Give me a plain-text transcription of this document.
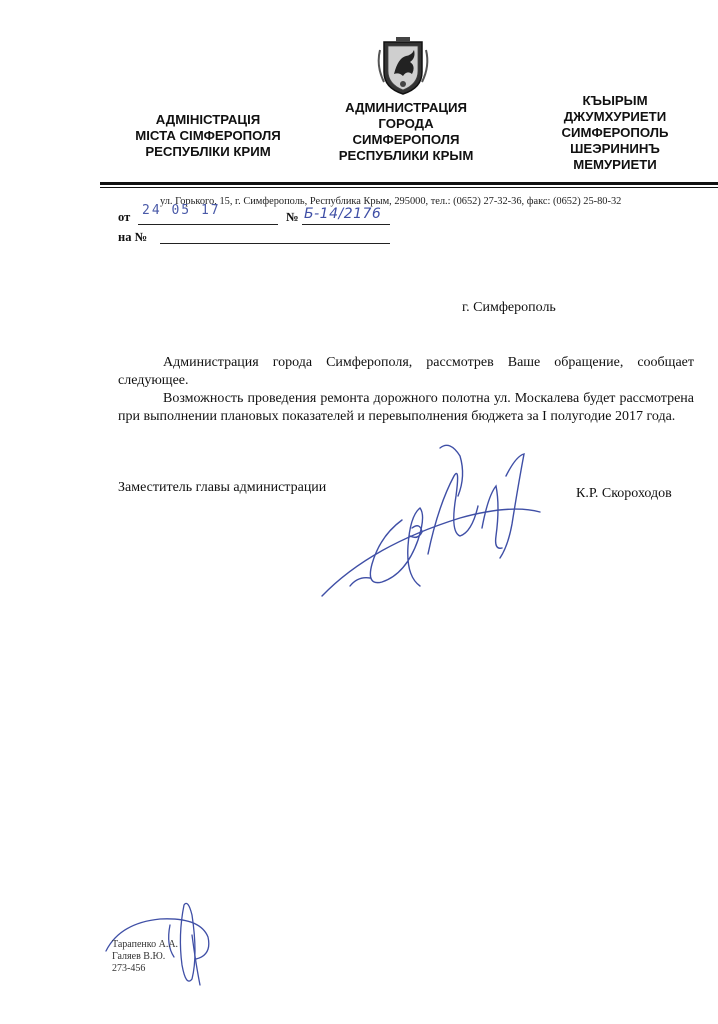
АДМІНІСТРАЦІЯ
МІСТА СІМФЕРОПОЛЯ
РЕСПУБЛІКИ КРИМ
АДМИНИСТРАЦИЯ
ГОРОДА
СИМФЕРОПОЛЯ
РЕСПУБЛИКИ КРЫМ
КЪЫРЫМ
ДЖУМХУРИЕТИ
СИМФЕРОПОЛЬ
ШЕЭРИНИНЪ
МЕМУРИЕТИ
ул. Горького, 15, г. Симферополь, Республика Крым, 295000, тел.: (0652) 27-32-36, факс: (0652) 25-80-32
от 24 05 17	№ Б-14/2176
на №
г. Симферополь
Администрация города Симферополя, рассмотрев Ваше обращение, сообщает следующее.
Возможность проведения ремонта дорожного полотна ул. Москалева будет рассмотрена при выполнении плановых показателей и перевыполнения бюджета за I полугодие 2017 года.
Заместитель главы администрации	К.Р. Скороходов
Тарапенко А.А.
Галяев В.Ю.
273-456
